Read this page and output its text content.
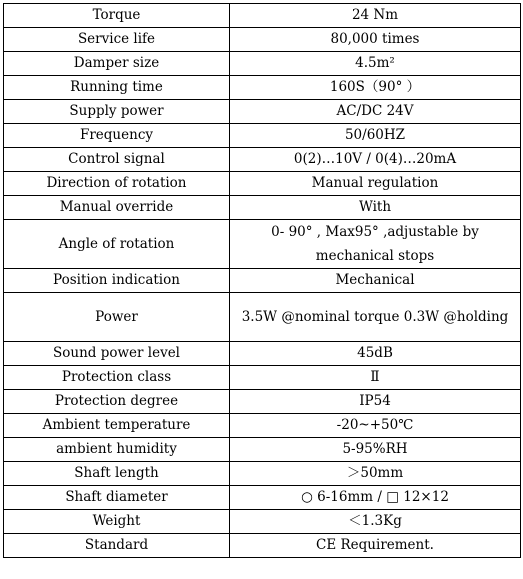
Torque	24 Nm
Service life	80,000 times
Damper size	4.5m²
Running time	160S（90° ）
Supply power	AC/DC 24V
Frequency	50/60HZ
Control signal	0(2)…10V / 0(4)…20mA
Direction of rotation	Manual regulation
Manual override	With
Angle of rotation	0- 90° , Max95° ,adjustable by mechanical stops
Position indication	Mechanical
Power	3.5W @nominal torque 0.3W @holding
Sound power level	45dB
Protection class	Ⅱ
Protection degree	IP54
Ambient temperature	-20~+50℃
ambient humidity	5-95%RH
Shaft length	＞50mm
Shaft diameter	○ 6-16mm / □ 12×12
Weight	＜1.3Kg
Standard	CE Requirement.
